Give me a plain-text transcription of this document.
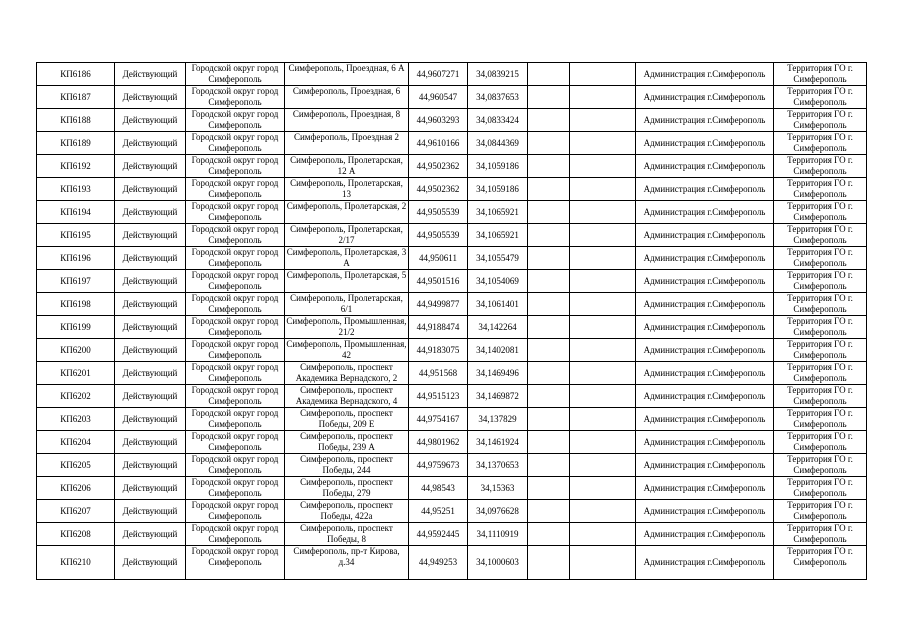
КП6186	Действующий	Городской округ город Симферополь	Симферополь, Проездная, 6 А	44,9607271	34,0839215			Администрация г.Симферополь	Территория ГО г. Симферополь
КП6187	Действующий	Городской округ город Симферополь	Симферополь, Проездная, 6	44,960547	34,0837653			Администрация г.Симферополь	Территория ГО г. Симферополь
КП6188	Действующий	Городской округ город Симферополь	Симферополь, Проездная, 8	44,9603293	34,0833424			Администрация г.Симферополь	Территория ГО г. Симферополь
КП6189	Действующий	Городской округ город Симферополь	Симферополь, Проездная 2	44,9610166	34,0844369			Администрация г.Симферополь	Территория ГО г. Симферополь
КП6192	Действующий	Городской округ город Симферополь	Симферополь, Пролетарская, 12 А	44,9502362	34,1059186			Администрация г.Симферополь	Территория ГО г. Симферополь
КП6193	Действующий	Городской округ город Симферополь	Симферополь, Пролетарская, 13	44,9502362	34,1059186			Администрация г.Симферополь	Территория ГО г. Симферополь
КП6194	Действующий	Городской округ город Симферополь	Симферополь, Пролетарская, 2	44,9505539	34,1065921			Администрация г.Симферополь	Территория ГО г. Симферополь
КП6195	Действующий	Городской округ город Симферополь	Симферополь, Пролетарская, 2/17	44,9505539	34,1065921			Администрация г.Симферополь	Территория ГО г. Симферополь
КП6196	Действующий	Городской округ город Симферополь	Симферополь, Пролетарская, 3 А	44,950611	34,1055479			Администрация г.Симферополь	Территория ГО г. Симферополь
КП6197	Действующий	Городской округ город Симферополь	Симферополь, Пролетарская, 5	44,9501516	34,1054069			Администрация г.Симферополь	Территория ГО г. Симферополь
КП6198	Действующий	Городской округ город Симферополь	Симферополь, Пролетарская, 6/1	44,9499877	34,1061401			Администрация г.Симферополь	Территория ГО г. Симферополь
КП6199	Действующий	Городской округ город Симферополь	Симферополь, Промышленная, 21/2	44,9188474	34,142264			Администрация г.Симферополь	Территория ГО г. Симферополь
КП6200	Действующий	Городской округ город Симферополь	Симферополь, Промышленная, 42	44,9183075	34,1402081			Администрация г.Симферополь	Территория ГО г. Симферополь
КП6201	Действующий	Городской округ город Симферополь	Симферополь, проспект Академика Вернадского, 2	44,951568	34,1469496			Администрация г.Симферополь	Территория ГО г. Симферополь
КП6202	Действующий	Городской округ город Симферополь	Симферополь, проспект Академика Вернадского, 4	44,9515123	34,1469872			Администрация г.Симферополь	Территория ГО г. Симферополь
КП6203	Действующий	Городской округ город Симферополь	Симферополь, проспект Победы, 209 Е	44,9754167	34,137829			Администрация г.Симферополь	Территория ГО г. Симферополь
КП6204	Действующий	Городской округ город Симферополь	Симферополь, проспект Победы, 239 А	44,9801962	34,1461924			Администрация г.Симферополь	Территория ГО г. Симферополь
КП6205	Действующий	Городской округ город Симферополь	Симферополь, проспект Победы, 244	44,9759673	34,1370653			Администрация г.Симферополь	Территория ГО г. Симферополь
КП6206	Действующий	Городской округ город Симферополь	Симферополь, проспект Победы, 279	44,98543	34,15363			Администрация г.Симферополь	Территория ГО г. Симферополь
КП6207	Действующий	Городской округ город Симферополь	Симферополь, проспект Победы, 422а	44,95251	34,0976628			Администрация г.Симферополь	Территория ГО г. Симферополь
КП6208	Действующий	Городской округ город Симферополь	Симферополь, проспект Победы, 8	44,9592445	34,1110919			Администрация г.Симферополь	Территория ГО г. Симферополь
КП6210	Действующий	Городской округ город Симферополь	Симферополь, пр-т Кирова, д.34	44,949253	34,1000603			Администрация г.Симферополь	Территория ГО г. Симферополь
